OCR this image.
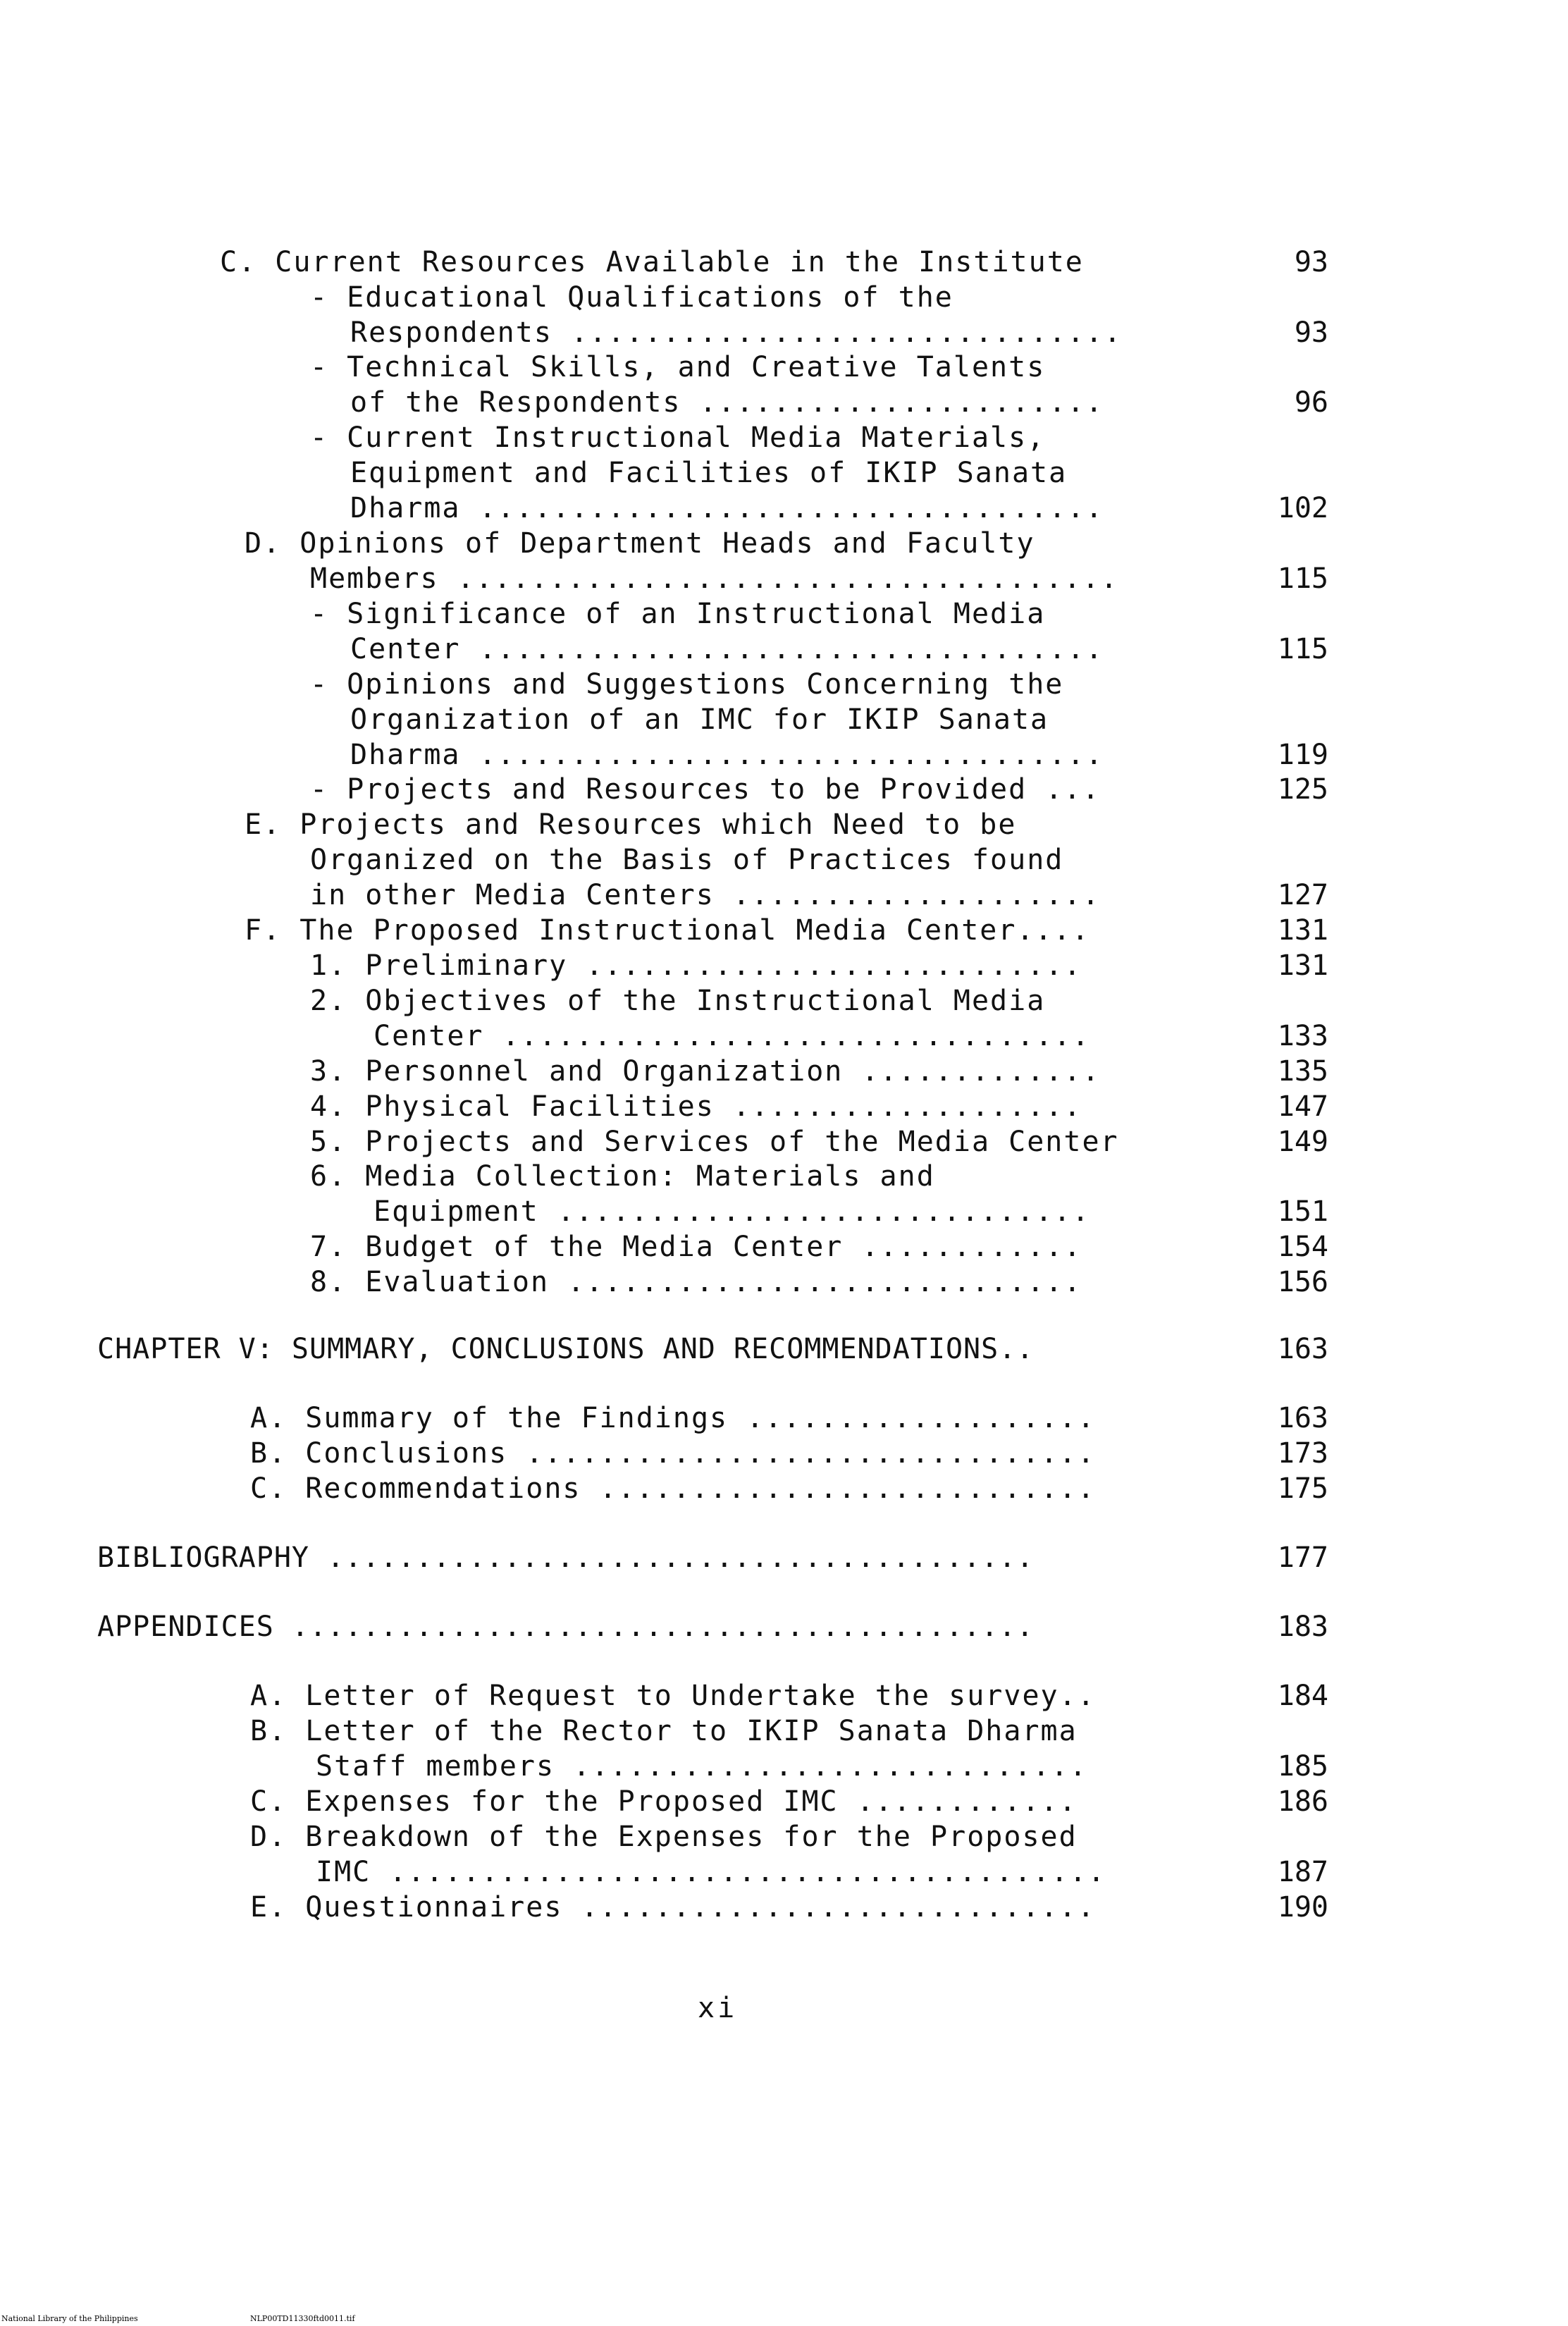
C. Current Resources Available in the Institute	93
- Educational Qualifications of the
Respondents ..............................	93
- Technical Skills, and Creative Talents
of the Respondents ......................	96
- Current Instructional Media Materials,
Equipment and Facilities of IKIP Sanata
Dharma ..................................	102
D. Opinions of Department Heads and Faculty
Members ....................................	115
- Significance of an Instructional Media
Center ..................................	115
- Opinions and Suggestions Concerning the
Organization of an IMC for IKIP Sanata
Dharma ..................................	119
- Projects and Resources to be Provided ...	125
E. Projects and Resources which Need to be
Organized on the Basis of Practices found
in other Media Centers ....................	127
F. The Proposed Instructional Media Center....	131
1. Preliminary ...........................	131
2. Objectives of the Instructional Media
Center ................................	133
3. Personnel and Organization .............	135
4. Physical Facilities ...................	147
5. Projects and Services of the Media Center	149
6. Media Collection: Materials and
Equipment .............................	151
7. Budget of the Media Center ............	154
8. Evaluation ............................	156
CHAPTER V: SUMMARY, CONCLUSIONS AND RECOMMENDATIONS..	163
A. Summary of the Findings ...................	163
B. Conclusions ...............................	173
C. Recommendations ...........................	175
BIBLIOGRAPHY ........................................	177
APPENDICES ..........................................	183
A. Letter of Request to Undertake the survey..	184
B. Letter of the Rector to IKIP Sanata Dharma
Staff members ............................	185
C. Expenses for the Proposed IMC ............	186
D. Breakdown of the Expenses for the Proposed
IMC .......................................	187
E. Questionnaires ............................	190
xi
National Library of the Philippines	NLP00TD11330ftd0011.tif
